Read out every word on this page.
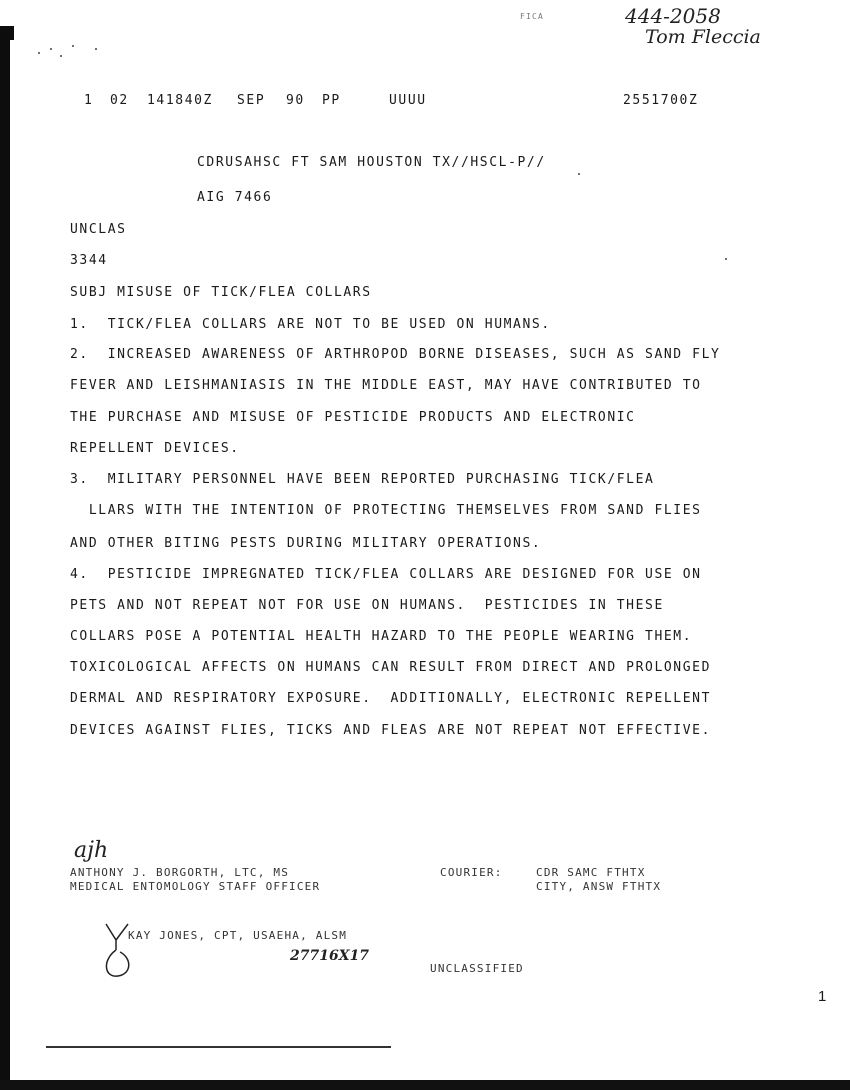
FICA	444-2058
Tom Fleccia
1 02 141840Z SEP 90 PP	UUUU	2551700Z
CDRUSAHSC FT SAM HOUSTON TX//HSCL-P//
AIG 7466
UNCLAS
3344
SUBJ MISUSE OF TICK/FLEA COLLARS
1.  TICK/FLEA COLLARS ARE NOT TO BE USED ON HUMANS.
2.  INCREASED AWARENESS OF ARTHROPOD BORNE DISEASES, SUCH AS SAND FLY
FEVER AND LEISHMANIASIS IN THE MIDDLE EAST, MAY HAVE CONTRIBUTED TO
THE PURCHASE AND MISUSE OF PESTICIDE PRODUCTS AND ELECTRONIC
REPELLENT DEVICES.
3.  MILITARY PERSONNEL HAVE BEEN REPORTED PURCHASING TICK/FLEA
LLARS WITH THE INTENTION OF PROTECTING THEMSELVES FROM SAND FLIES
AND OTHER BITING PESTS DURING MILITARY OPERATIONS.
4.  PESTICIDE IMPREGNATED TICK/FLEA COLLARS ARE DESIGNED FOR USE ON
PETS AND NOT REPEAT NOT FOR USE ON HUMANS.  PESTICIDES IN THESE
COLLARS POSE A POTENTIAL HEALTH HAZARD TO THE PEOPLE WEARING THEM.
TOXICOLOGICAL AFFECTS ON HUMANS CAN RESULT FROM DIRECT AND PROLONGED
DERMAL AND RESPIRATORY EXPOSURE.  ADDITIONALLY, ELECTRONIC REPELLENT
DEVICES AGAINST FLIES, TICKS AND FLEAS ARE NOT REPEAT NOT EFFECTIVE.
ajh
ANTHONY J. BORGORTH, LTC, MS
MEDICAL ENTOMOLOGY STAFF OFFICER
COURIER:	CDR SAMC FTHTX
CITY, ANSW FTHTX
KAY JONES, CPT, USAEHA, ALSM
27716X17
UNCLASSIFIED
1
